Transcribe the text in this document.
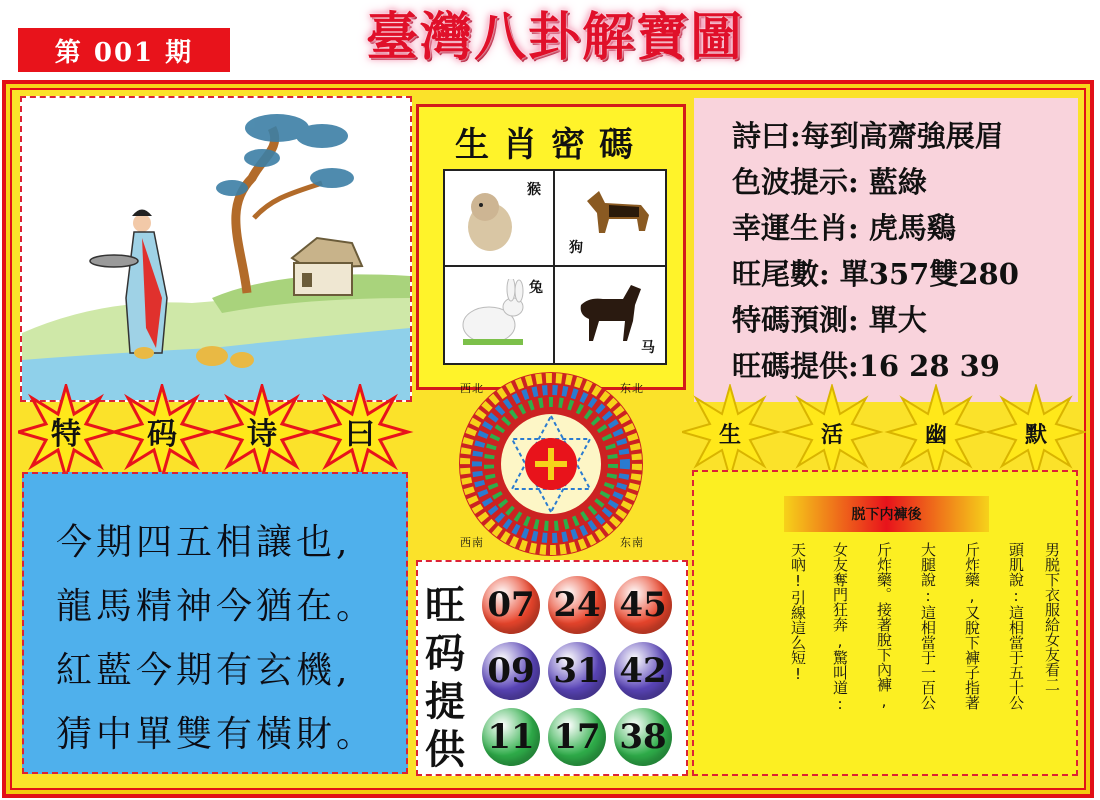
第 001 期	臺灣八卦解寶圖
生肖密碼
猴
狗
兔
马
詩曰:每到高齋強展眉
色波提示: 藍綠
幸運生肖: 虎馬鷄
旺尾數: 單357雙280
特碼預測: 單大
旺碼提供:16 28 39
特 码 诗 曰	生	活	幽	默
西 北	东 北
西 南	东 南
今期四五相讓也,
龍馬精神今猶在。
紅藍今期有玄機,
猜中單雙有橫財。
旺码提供
07 24 45
09 31 42
11 17 38
脱下内褲後
男脱下衣服給女友看二
頭肌說:這相當于五十公
斤炸藥,又脫下褲子指著
大腿說:這相當于一百公
斤炸藥。接著脫下內褲,
女友奪門狂奔,驚叫道:
天吶!引線這么短!
